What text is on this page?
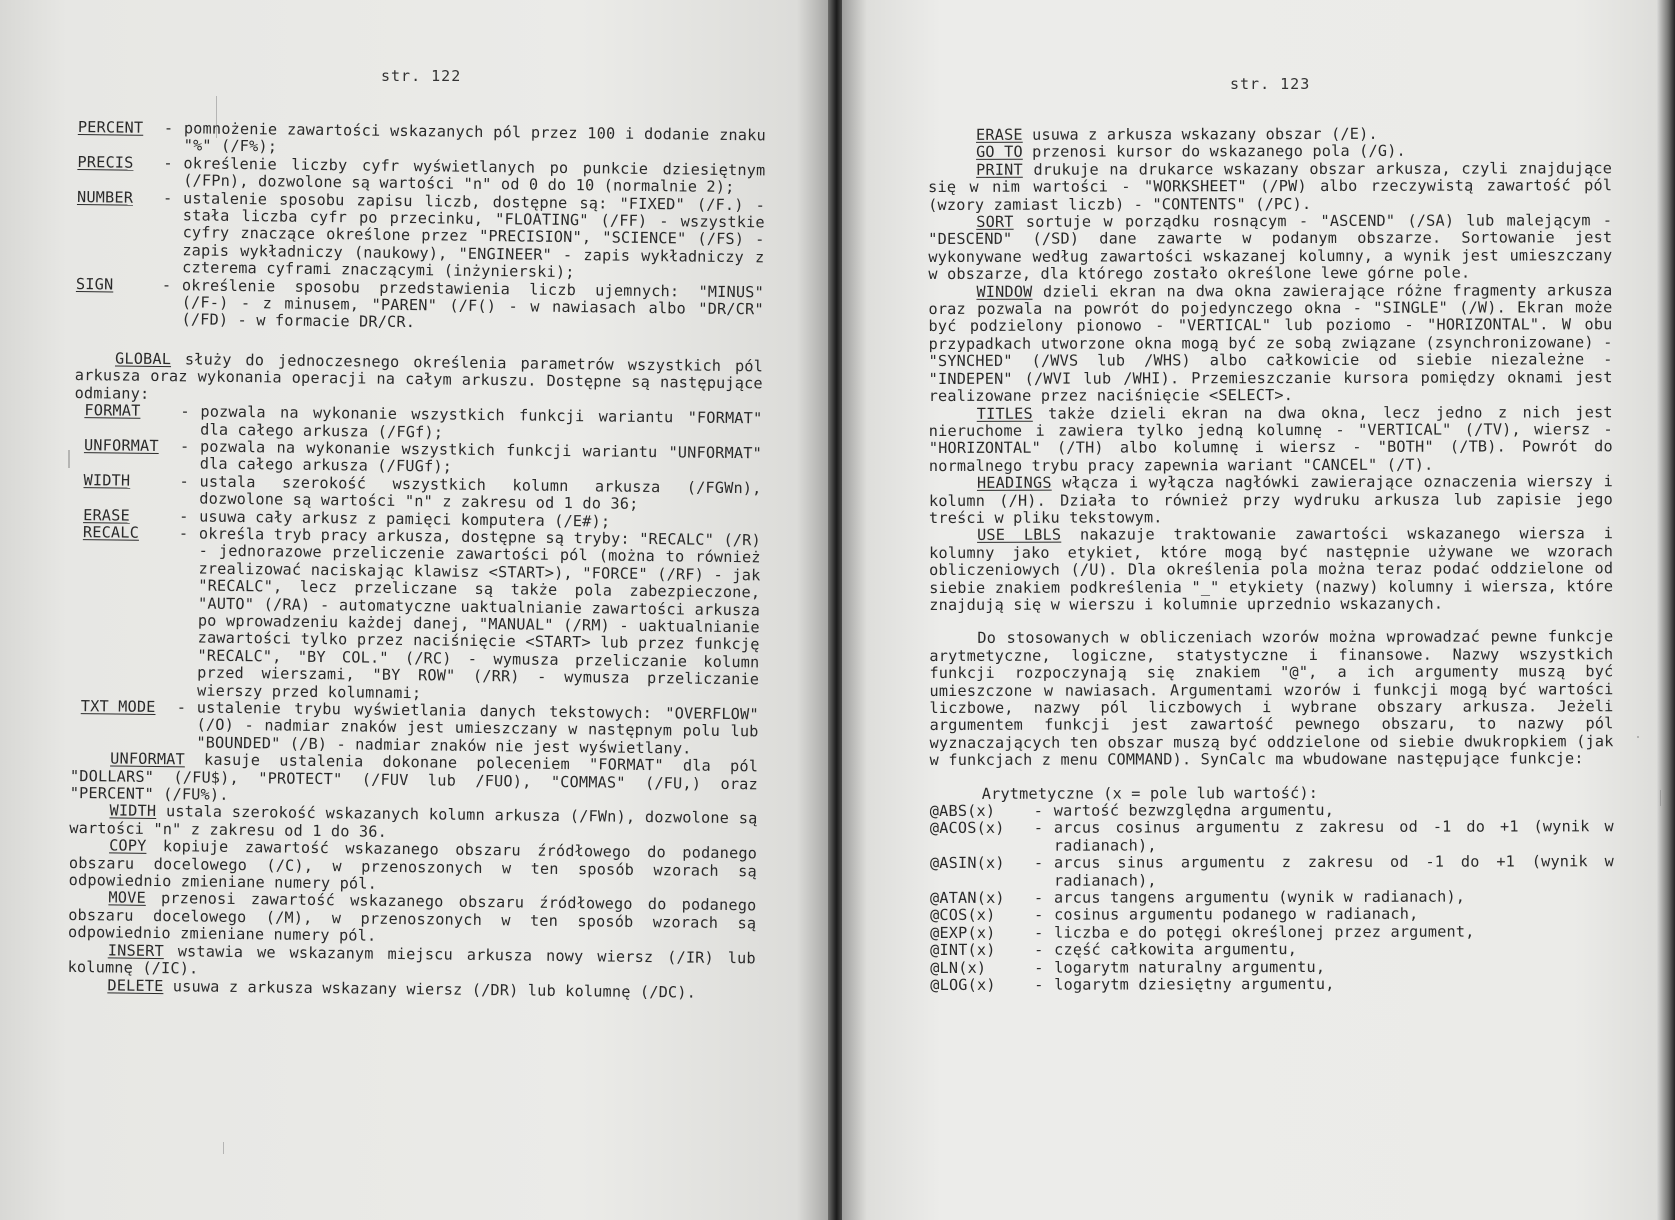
str. 122
PERCENT	- pomnożenie zawartości wskazanych pól przez 100 i dodanie znaku "%" (/F%);
PRECIS	- określenie liczby cyfr wyświetlanych po punkcie dziesiętnym (/FPn), dozwolone są wartości "n" od 0 do 10 (normalnie 2);
NUMBER	- ustalenie sposobu zapisu liczb, dostępne są: "FIXED" (/F.) - stała liczba cyfr po przecinku, "FLOATING" (/FF) - wszystkie cyfry znaczące określone przez "PRECISION", "SCIENCE" (/FS) - zapis wykładniczy (naukowy), "ENGINEER" - zapis wykładniczy z czterema cyframi znaczącymi (inżynierski);
SIGN	- określenie sposobu przedstawienia liczb ujemnych: "MINUS" (/F-) - z minusem, "PAREN" (/F() - w nawiasach albo "DR/CR" (/FD) - w formacie DR/CR.
GLOBAL służy do jednoczesnego określenia parametrów wszystkich pól arkusza oraz wykonania operacji na całym arkuszu. Dostępne są następujące odmiany:
FORMAT	- pozwala na wykonanie wszystkich funkcji wariantu "FORMAT" dla całego arkusza (/FGf);
UNFORMAT	- pozwala na wykonanie wszystkich funkcji wariantu "UNFORMAT" dla całego arkusza (/FUGf);
WIDTH	- ustala szerokość wszystkich kolumn arkusza (/FGWn), dozwolone są wartości "n" z zakresu od 1 do 36;
ERASE	- usuwa cały arkusz z pamięci komputera (/E#);
RECALC	- określa tryb pracy arkusza, dostępne są tryby: "RECALC" (/R) - jednorazowe przeliczenie zawartości pól (można to również zrealizować naciskając klawisz <START>), "FORCE" (/RF) - jak "RECALC", lecz przeliczane są także pola zabezpieczone, "AUTO" (/RA) - automatyczne uaktualnianie zawartości arkusza po wprowadzeniu każdej danej, "MANUAL" (/RM) - uaktualnianie zawartości tylko przez naciśnięcie <START> lub przez funkcję "RECALC", "BY COL." (/RC) - wymusza przeliczanie kolumn przed wierszami, "BY ROW" (/RR) - wymusza przeliczanie wierszy przed kolumnami;
TXT MODE	- ustalenie trybu wyświetlania danych tekstowych: "OVERFLOW" (/O) - nadmiar znaków jest umieszczany w następnym polu lub "BOUNDED" (/B) - nadmiar znaków nie jest wyświetlany.
UNFORMAT kasuje ustalenia dokonane poleceniem "FORMAT" dla pól "DOLLARS" (/FU$), "PROTECT" (/FUV lub /FUO), "COMMAS" (/FU,) oraz "PERCENT" (/FU%).
WIDTH ustala szerokość wskazanych kolumn arkusza (/FWn), dozwolone są wartości "n" z zakresu od 1 do 36.
COPY kopiuje zawartość wskazanego obszaru źródłowego do podanego obszaru docelowego (/C), w przenoszonych w ten sposób wzorach są odpowiednio zmieniane numery pól.
MOVE przenosi zawartość wskazanego obszaru źródłowego do podanego obszaru docelowego (/M), w przenoszonych w ten sposób wzorach są odpowiednio zmieniane numery pól.
INSERT wstawia we wskazanym miejscu arkusza nowy wiersz (/IR) lub kolumnę (/IC).
DELETE usuwa z arkusza wskazany wiersz (/DR) lub kolumnę (/DC).
str. 123
ERASE usuwa z arkusza wskazany obszar (/E).
GO TO przenosi kursor do wskazanego pola (/G).
PRINT drukuje na drukarce wskazany obszar arkusza, czyli znajdujące się w nim wartości - "WORKSHEET" (/PW) albo rzeczywistą zawartość pól (wzory zamiast liczb) - "CONTENTS" (/PC).
SORT sortuje w porządku rosnącym - "ASCEND" (/SA) lub malejącym - "DESCEND" (/SD) dane zawarte w podanym obszarze. Sortowanie jest wykonywane według zawartości wskazanej kolumny, a wynik jest umieszczany w obszarze, dla którego zostało określone lewe górne pole.
WINDOW dzieli ekran na dwa okna zawierające różne fragmenty arkusza oraz pozwala na powrót do pojedynczego okna - "SINGLE" (/W). Ekran może być podzielony pionowo - "VERTICAL" lub poziomo - "HORIZONTAL". W obu przypadkach utworzone okna mogą być ze sobą związane (zsynchronizowane) - "SYNCHED" (/WVS lub /WHS) albo całkowicie od siebie niezależne - "INDEPEN" (/WVI lub /WHI). Przemieszczanie kursora pomiędzy oknami jest realizowane przez naciśnięcie <SELECT>.
TITLES także dzieli ekran na dwa okna, lecz jedno z nich jest nieruchome i zawiera tylko jedną kolumnę - "VERTICAL" (/TV), wiersz - "HORIZONTAL" (/TH) albo kolumnę i wiersz - "BOTH" (/TB). Powrót do normalnego trybu pracy zapewnia wariant "CANCEL" (/T).
HEADINGS włącza i wyłącza nagłówki zawierające oznaczenia wierszy i kolumn (/H). Działa to również przy wydruku arkusza lub zapisie jego treści w pliku tekstowym.
USE LBLS nakazuje traktowanie zawartości wskazanego wiersza i kolumny jako etykiet, które mogą być następnie używane we wzorach obliczeniowych (/U). Dla określenia pola można teraz podać oddzielone od siebie znakiem podkreślenia "_" etykiety (nazwy) kolumny i wiersza, które znajdują się w wierszu i kolumnie uprzednio wskazanych.
Do stosowanych w obliczeniach wzorów można wprowadzać pewne funkcje arytmetyczne, logiczne, statystyczne i finansowe. Nazwy wszystkich funkcji rozpoczynają się znakiem "@", a ich argumenty muszą być umieszczone w nawiasach. Argumentami wzorów i funkcji mogą być wartości liczbowe, nazwy pól liczbowych i wybrane obszary arkusza. Jeżeli argumentem funkcji jest zawartość pewnego obszaru, to nazwy pól wyznaczających ten obszar muszą być oddzielone od siebie dwukropkiem (jak w funkcjach z menu COMMAND). SynCalc ma wbudowane następujące funkcje:
Arytmetyczne (x = pole lub wartość):
@ABS(x)	- wartość bezwzględna argumentu,
@ACOS(x)	- arcus cosinus argumentu z zakresu od -1 do +1 (wynik w radianach),
@ASIN(x)	- arcus sinus argumentu z zakresu od -1 do +1 (wynik w radianach),
@ATAN(x)	- arcus tangens argumentu (wynik w radianach),
@COS(x)	- cosinus argumentu podanego w radianach,
@EXP(x)	- liczba e do potęgi określonej przez argument,
@INT(x)	- część całkowita argumentu,
@LN(x)	- logarytm naturalny argumentu,
@LOG(x)	- logarytm dziesiętny argumentu,
